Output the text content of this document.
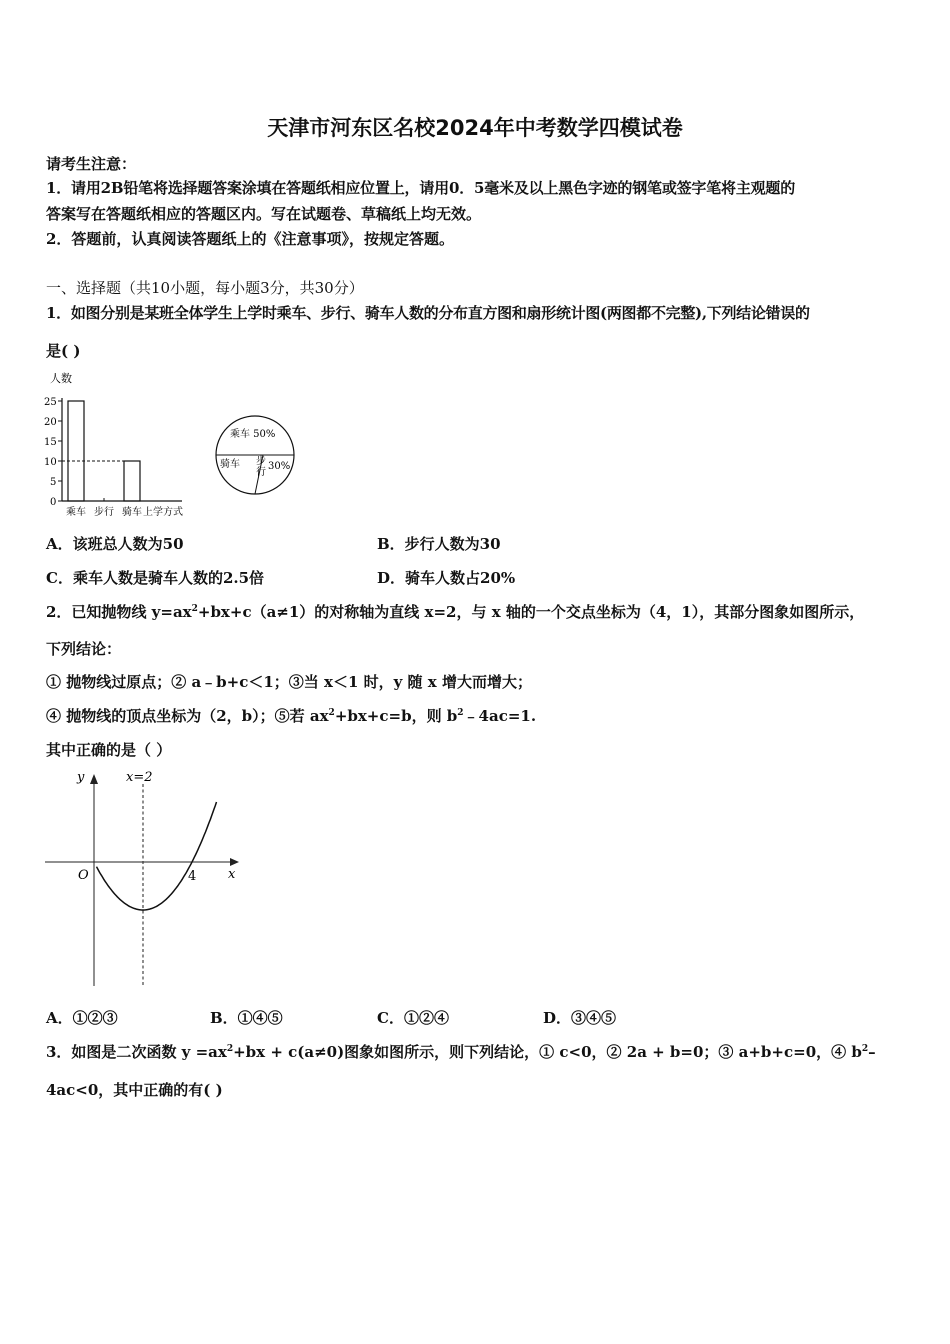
天津市河东区名校2024年中考数学四模试卷
请考生注意：
1．请用2B铅笔将选择题答案涂填在答题纸相应位置上，请用0．5毫米及以上黑色字迹的钢笔或签字笔将主观题的
答案写在答题纸相应的答题区内。写在试题卷、草稿纸上均无效。
2．答题前，认真阅读答题纸上的《注意事项》，按规定答题。
一、选择题（共10小题，每小题3分，共30分）
1．如图分别是某班全体学生上学时乘车、步行、骑车人数的分布直方图和扇形统计图(两图都不完整),下列结论错误的
是( )
人数
0
5
10
15
20
25
乘车 步行 骑车 上学方式
乘车 50%
骑车 步
行
30%
A．该班总人数为50	B．步行人数为30
C．乘车人数是骑车人数的2.5倍	D．骑车人数占20%
2．已知抛物线 $y=ax^2+bx+c(a\ne 1)$的对称轴为直线 x=2，与 x 轴的一个交点坐标为（4，1），其部分图象如图所示，
下列结论：
① 抛物线过原点；② a﹣b+c＜1；③当 x＜1 时，y 随 x 增大而增大；
④ 抛物线的顶点坐标为（2，b）；⑤若 $ax^2+bx+c=b$，则 $b^2﹣4ac=1$.
其中正确的是（ ）
x=2
y
x
O	4
A．①②③	B．①④⑤	C．①②④	D．③④⑤
3．如图是二次函数 $y =ax^2+bx + c(a\ne 0)$图象如图所示，则下列结论，① c<0，② 2a + b=0；③ a+b+c=0，④ $b^2-$
4ac<0，其中正确的有( )
